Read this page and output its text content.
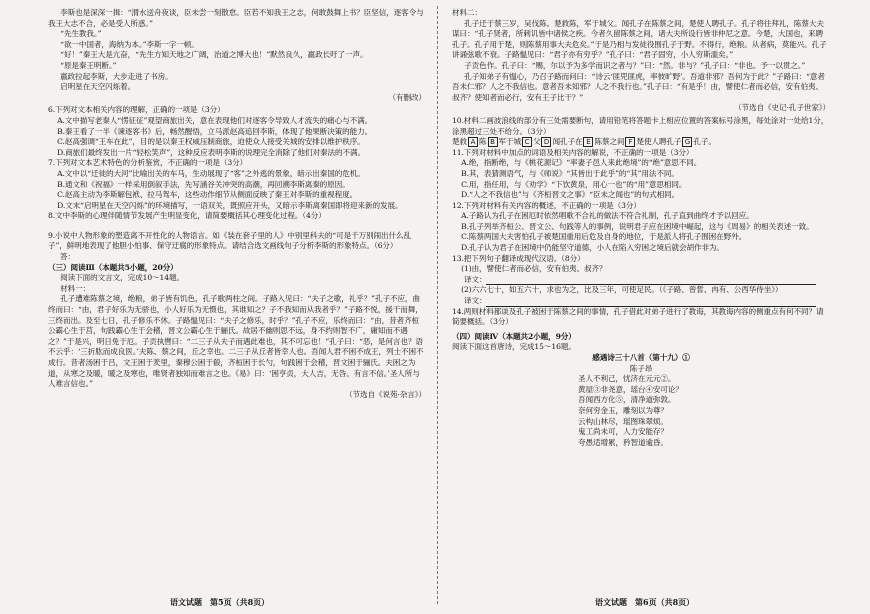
李斯也是深深一揖：“渭水送舟夜谈，臣未尝一刻散怠。臣若不知我王之志，何敢鼓舞上书？臣坚信，逐客令与我王大志不合，必是受人所惑。”

“先生教我。”

“欲一中国者，海纳为本。”李斯一字一顿。

“好！”秦王大是亢奋，“先生方知天地之广阔，治道之博大也！”默然良久，嬴政长吁了一声。

“原是秦王明断。”

嬴政拉起李斯，大步走进了书房。

启明星在天空闪烁着。

（有删改）

6.下列对文本相关内容的理解，正确的一项是（3分）

A.文中描写老秦人“愣征征”观望商旅出关，意在表现他们对逐客令导致人才流失的痛心与不满。

B.秦王看了一半《谏逐客书》后，畅然醒悟，立马派赵高追回李斯，体现了他果断决策的能力。

C.赵高强调“王车在此”，目的是以秦王权威压制商旅，迫使众人接受关城的安排以维护秩序。

D.商旅们最终发出一片“轻松笑声”，这种反应表明李斯的说理完全消除了他们对秦法的不满。

7.下列对文本艺术特色的分析鉴赏，不正确的一项是（3分）

A.文中以“迁徙的大河”比喻出关的车马，生动展现了“客”之外逃的景象，暗示出秦国的危机。

B.通文和《祝福》一样采用倒叙手法，先写涵谷关冲突的高潮，再回溯李斯离秦的原因。

C.赵高主动为李斯解包袱、拉马驾车，这些动作细节从侧面反映了秦王对李斯的重视程度。

D.文末“启明星在天空闪烁”的环境描写，一语双关，既照应开头，又暗示李斯离秦国即将迎来新的发展。

8.文中李斯的心理伴随情节发展产生明显变化，请简要概括其心理变化过程。（4分）

9.小说中人物形象的塑造离不开性化的人物语言。如《装在套子里的人》中别里科夫的“可是千万别闹出什么乱子”，鲜明地表现了他胆小怕事、保守迂腐的形象特点。请结合选文画线句子分析李斯的形象特点。（6分）

答：

（三）阅读Ⅲ（本题共5小题，20分）

阅读下面的文言文，完成10～14题。

材料一：

孔子遭难陈蔡之境，绝粮，弟子皆有饥色，孔子歌两柱之间。子路入见曰：“夫子之歌，礼乎？”孔子不应，曲终而曰：“由，君子好乐为无骄也，小人好乐为无慑也，其谁知之？子不我知而从我者乎？”子路不悦，援干而舞，三终而出。及至七日，孔子修乐不休。子路愠见曰：“夫子之修乐，时乎？”孔子不应，乐终而曰：“由，昔者齐桓公霸心生于莒，句践霸心生于会稽，晋文公霸心生于骊氏。故居不幽则思不远，身不约则智不广，庸知而不遇之？”于是兴，明日免于厄。子贡执辔曰：“二三子从夫子而遇此难也，其不可忘也！”孔子曰：“恶，是何言也？语不云乎：‘三折肱而成良医。’夫陈、蔡之间，丘之幸也。二三子从丘者皆幸人也。吾闻人君不困不成王，列士不困不成行。昔者汤困于吕，文王困于羑里，秦穆公困于殽，齐桓困于长勺，句践困于会稽，晋文困于骊氏。夫困之为道，从寒之及暖，暖之及寒也，唯贤者独知而难言之也。《易》曰：‘困亨贞，大人吉，无咎。有言不信。’圣人所与人难言信也。”

（节选自《说苑·杂言》）

材料二：

孔子迁于蔡三岁，吴伐陈。楚救陈，军于城父。闻孔子在陈蔡之间，楚使人聘孔子。孔子将往拜礼，陈蔡大夫谋曰：“孔子贤者，所刺讥皆中诸侯之疾。今者久留陈蔡之间，诸大夫所设行皆非仲尼之意。今楚，大国也，来聘孔子。孔子用于楚，则陈蔡用事大夫危矣。”于是乃相与发徒役围孔子于野。不得行，绝粮。从者病，莫能兴。孔子讲诵弦歌不衰。子路愠见曰：“君子亦有穷乎？”孔子曰：“君子固穷，小人穷斯滥矣。”

子贡色作。孔子曰：“赐，尔以予为多学而识之者与？”曰：“然。非与？”孔子曰：“非也。予一以贯之。”

孔子知弟子有愠心，乃召子路而问曰：“诗云‘匪兕匪虎，率彼旷野’。吾道非邪？吾何为于此？”子路曰：“意者吾未仁邪？人之不我信也。意者吾未知邪？人之不我行也。”孔子曰：“有是乎！由，譬使仁者而必信，安有伯夷、叔齐？使知者而必行，安有王子比干？”

（节选自《史记·孔子世家》）

10.材料二画波浪线的部分有三处需要断句，请用铅笔将答题卡上相应位置的答案标号涂黑，每处涂对一处给1分，涂黑超过三处不给分。（3分）

楚救 A 陈 B 军于城 C 父 D 闻孔子在 E 陈蔡之间 F 楚使人聘孔子 G 孔子。

11.下列对材料中加点的词语及相关内容的解说，不正确的一项是（3分）

A.绝，指断绝，与《桃花源记》“率妻子邑人来此绝境”的“绝”意思不同。

B.其，表猜测语气，与《师说》“其皆出于此乎”的“其”用法不同。

C.用，指任用，与《劝学》“下饮黄泉，用心一也”的“用”意思相同。

D.“人之不我信也”与《齐桓晋文之事》“臣未之闻也”的句式相同。

12.下列对材料有关内容的概述，不正确的一项是（3分）

A.子路认为孔子在困厄时依然唱歌不合礼的做法不符合礼制，孔子直到曲终才予以回应。

B.孔子列举齐桓公、晋文公、句践等人的事例，说明君子应在困境中崛起，这与《周易》的相关表述一致。

C.陈蔡两国大夫害怕孔子被楚国重用后危及自身的地位，于是派人将孔子围困在野外。

D.孔子认为君子在困境中仍能坚守道德，小人在陷入穷困之境后就会胡作非为。

13.把下列句子翻译成现代汉语。（8分）

(1)由，譬使仁者而必信，安有伯夷、叔齐？

译文：

(2)六六七十，如五六十，求也为之，比及三年，可使足民。（《子路、曾皙、冉有、公西华侍坐》）

译文：

14.两则材料都谈及孔子被困于陈蔡之间的事情，孔子借此对弟子进行了教诲，其教诲内容的侧重点有何不同？请简要概括。（3分）

（四）阅读Ⅳ（本题共2小题，9分）

阅读下面这首唐诗，完成15～16题。

感遇诗三十八首（第十九）①

陈子昂

圣人不利己，忧济在元元②。

黄屋③非尧意，瑶台④安可论？

吾闻西方化⑤，清净道弥敦。

奈何穷金玉，雕刻以为尊？

云构山林尽，瑶图珠翠烦。

鬼工尚未可，人力安能存？

夸愚适增累，矜智道逾昏。

语文试题　第5页（共8页）	语文试题　第6页（共8页）
